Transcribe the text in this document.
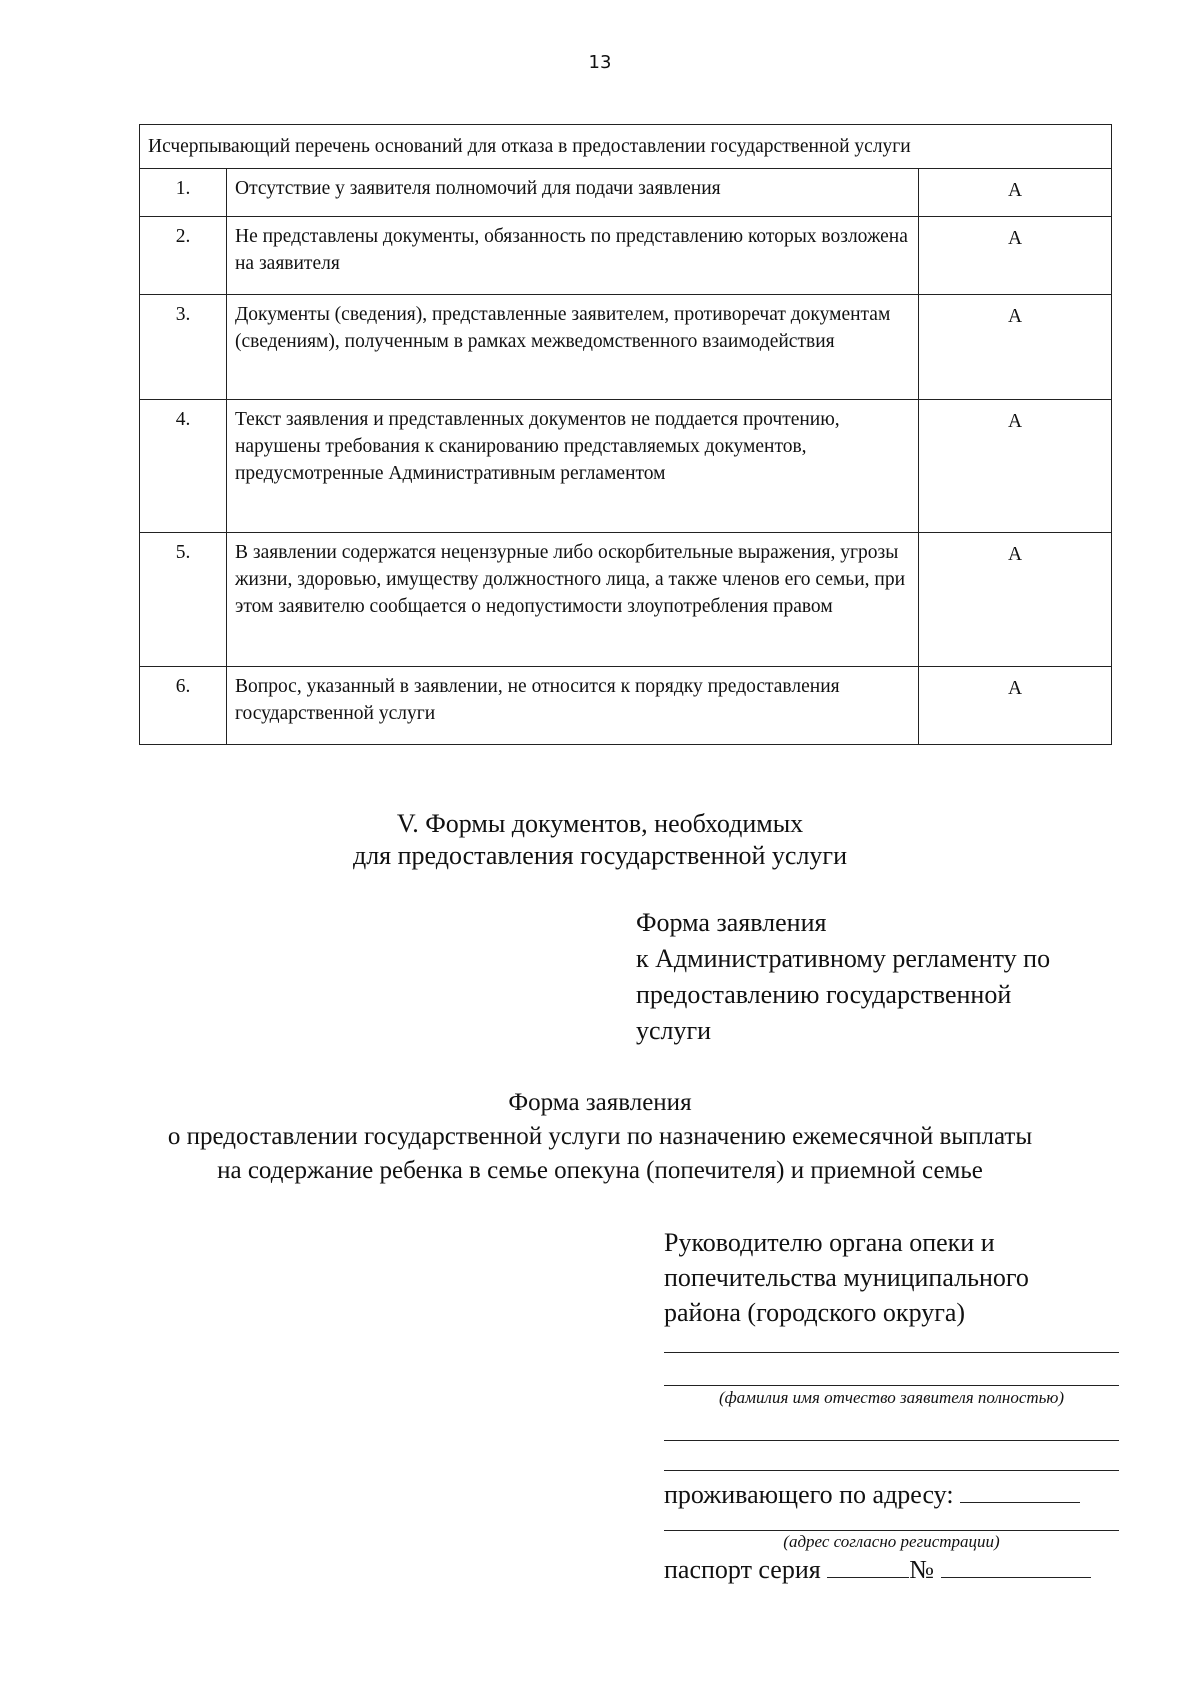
13
Исчерпывающий перечень оснований для отказа в предоставлении государственной услуги		
1.	Отсутствие у заявителя полномочий для подачи заявления	А
2.	Не представлены документы, обязанность по представлению которых возложена на заявителя	А
3.	Документы (сведения), представленные заявителем, противоречат документам (сведениям), полученным в рамках межведомственного взаимодействия	А
4.	Текст заявления и представленных документов не поддается прочтению, нарушены требования к сканированию представляемых документов, предусмотренные Административным регламентом	А
5.	В заявлении содержатся нецензурные либо оскорбительные выражения, угрозы жизни, здоровью, имуществу должностного лица, а также членов его семьи, при этом заявителю сообщается о недопустимости злоупотребления правом	А
6.	Вопрос, указанный в заявлении, не относится к порядку предоставления государственной услуги	А
V. Формы документов, необходимых
для предоставления государственной услуги
Форма заявления
к Административному регламенту по
предоставлению государственной
услуги
Форма заявления
о предоставлении государственной услуги по назначению ежемесячной выплаты
на содержание ребенка в семье опекуна (попечителя) и приемной семье
Руководителю органа опеки и
попечительства муниципального
района (городского округа)
(фамилия имя отчество заявителя полностью)
проживающего по адресу:
(адрес согласно регистрации)
паспорт серия	№
